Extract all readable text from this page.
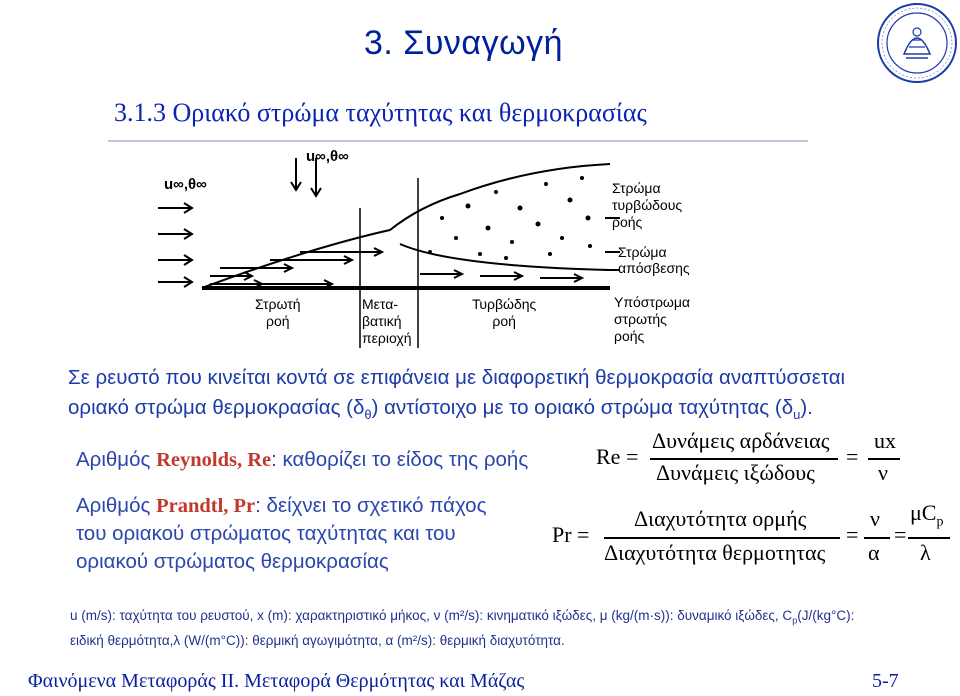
3. Συναγωγή
3.1.3 Οριακό στρώμα ταχύτητας και θερμοκρασίας
u∞,θ∞
u∞,θ∞
Στρωτή
ροή
Μετα-
βατική
περιοχή
Τυρβώδης
ροή
Στρώμα
τυρβώδους
ροής
Στρώμα
απόσβεσης
Υπόστρωμα
στρωτής
ροής
Σε ρευστό που κινείται κοντά σε επιφάνεια με διαφορετική θερμοκρασία αναπτύσσεται
οριακό στρώμα θερμοκρασίας $(\delta_\theta)$ αντίστοιχο με το οριακό στρώμα ταχύτητας $(\delta_u)$.
Αριθμός Reynolds, Re: καθορίζει το είδος της ροής	Re =
Δυνάμεις αρδάνειας
Δυνάμεις ιξώδους
=
ux
ν
Αριθμός Prandtl, Pr: δείχνει το σχετικό πάχος
του οριακού στρώματος ταχύτητας και του
οριακού στρώματος θερμοκρασίας
Pr =
Διαχυτότητα ορμής
Διαχυτότητα θερμοτητας
=
ν
α
=
$\mu C_p$
λ
u (m/s): ταχύτητα του ρευστού, x (m): χαρακτηριστικό μήκος, ν (m²/s): κινηματικό ιξώδες, μ (kg/(m·s)): δυναμικό ιξώδες, $C_p(J/(kg^\circ C)$:
ειδική θερμότητα,λ (W/(m°C)): θερμική αγωγιμότητα, α (m²/s): θερμική διαχυτότητα.
Φαινόμενα Μεταφοράς ΙΙ. Μεταφορά Θερμότητας και Μάζας	5-7
